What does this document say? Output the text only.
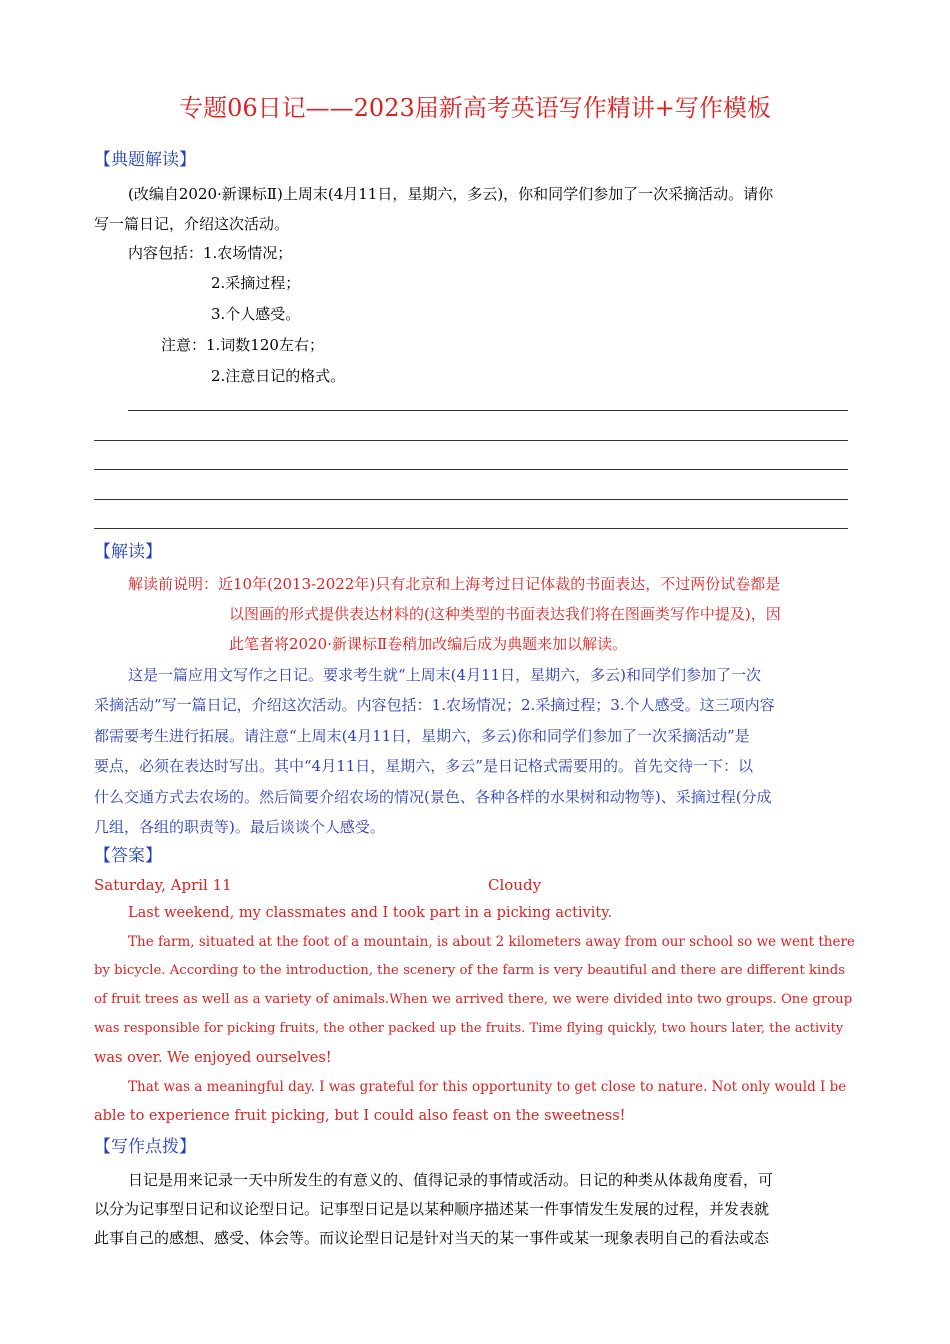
专题06日记——2023届新高考英语写作精讲+写作模板
【典题解读】
(改编自2020·新课标Ⅱ)上周末(4月11日，星期六，多云)，你和同学们参加了一次采摘活动。请你
写一篇日记，介绍这次活动。
内容包括：1.农场情况；
2.采摘过程；
3.个人感受。
注意：1.词数120左右；
2.注意日记的格式。
【解读】
解读前说明：近10年(2013-2022年)只有北京和上海考过日记体裁的书面表达，不过两份试卷都是
以图画的形式提供表达材料的(这种类型的书面表达我们将在图画类写作中提及)，因
此笔者将2020·新课标Ⅱ卷稍加改编后成为典题来加以解读。
这是一篇应用文写作之日记。要求考生就“上周末(4月11日，星期六，多云)和同学们参加了一次
采摘活动”写一篇日记，介绍这次活动。内容包括：1.农场情况；2.采摘过程；3.个人感受。这三项内容
都需要考生进行拓展。请注意“上周末(4月11日，星期六，多云)你和同学们参加了一次采摘活动”是
要点，必须在表达时写出。其中“4月11日，星期六，多云”是日记格式需要用的。首先交待一下：以
什么交通方式去农场的。然后简要介绍农场的情况(景色、各种各样的水果树和动物等)、采摘过程(分成
几组，各组的职责等)。最后谈谈个人感受。
【答案】
Saturday, April 11	Cloudy
Last weekend, my classmates and I took part in a picking activity.
The farm, situated at the foot of a mountain, is about 2 kilometers away from our school so we went there
by bicycle. According to the introduction, the scenery of the farm is very beautiful and there are different kinds
of fruit trees as well as a variety of animals.When we arrived there, we were divided into two groups. One group
was responsible for picking fruits, the other packed up the fruits. Time flying quickly, two hours later, the activity
was over. We enjoyed ourselves!
That was a meaningful day. I was grateful for this opportunity to get close to nature. Not only would I be
able to experience fruit picking, but I could also feast on the sweetness!
【写作点拨】
日记是用来记录一天中所发生的有意义的、值得记录的事情或活动。日记的种类从体裁角度看，可
以分为记事型日记和议论型日记。记事型日记是以某种顺序描述某一件事情发生发展的过程，并发表就
此事自己的感想、感受、体会等。而议论型日记是针对当天的某一事件或某一现象表明自己的看法或态
